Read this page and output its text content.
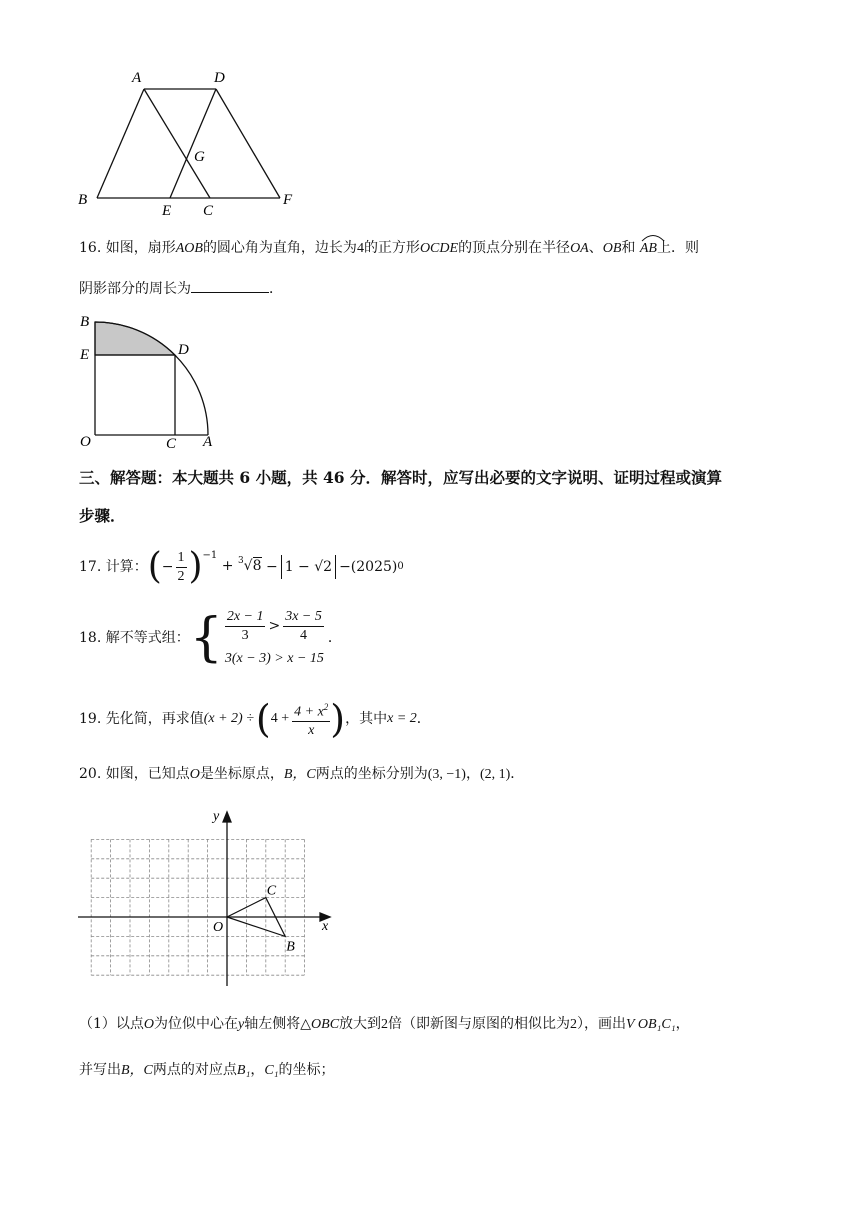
A	D
G
B
E C
F
16. 如图，扇形AOB的圆心角为直角，边长为4的正方形OCDE的顶点分别在半径OA、OB和 AB上．则
阴影部分的周长为	．
B
E	D
O	C A
三、解答题：本大题共 6 小题，共 46 分．解答时，应写出必要的文字说明、证明过程或演算
步骤．
17.
计算： ( − $\frac{1}{2} )^{-1}$

+ $^3$√8 − 1 − √2 −(2025) 0
18.
解不等式组： { $\frac{2x - 1}{3} > \frac{3x - 5}{4}$
3(x − 3) > x − 15
．
19.
先化简，再求值 (x + 2) ÷ ( $4 + \frac{4 + x^2}{x}$ ) ，其中 x = 2 ．
20. 如图，已知点O是坐标原点，B，C两点的坐标分别为(3, −1)，(2, 1)．
y
x
O
B
C
（1）以点O为位似中心在y轴左侧将△OBC放大到2倍（即新图与原图的相似比为2），画出V OB₁C₁，
并写出B，C两点的对应点B₁，C₁的坐标；
